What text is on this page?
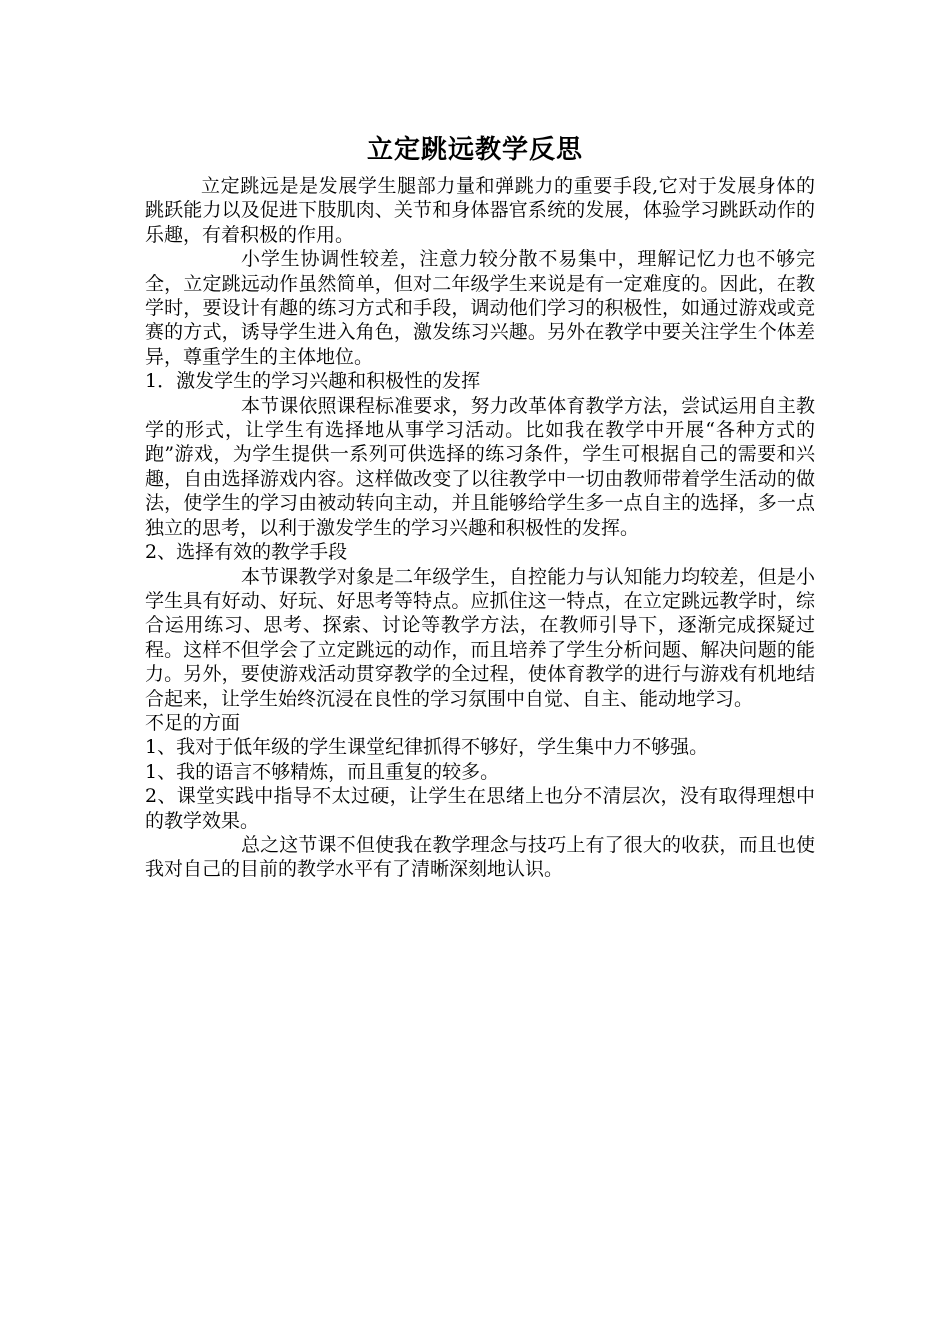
立定跳远教学反思

立定跳远是是发展学生腿部力量和弹跳力的重要手段,它对于发展身体的跳跃能力以及促进下肢肌肉、关节和身体器官系统的发展，体验学习跳跃动作的乐趣，有着积极的作用。

小学生协调性较差，注意力较分散不易集中，理解记忆力也不够完全，立定跳远动作虽然简单，但对二年级学生来说是有一定难度的。因此，在教学时，要设计有趣的练习方式和手段，调动他们学习的积极性，如通过游戏或竞赛的方式，诱导学生进入角色，激发练习兴趣。另外在教学中要关注学生个体差异，尊重学生的主体地位。

1．激发学生的学习兴趣和积极性的发挥

本节课依照课程标准要求，努力改革体育教学方法，尝试运用自主教学的形式，让学生有选择地从事学习活动。比如我在教学中开展“各种方式的跑”游戏，为学生提供一系列可供选择的练习条件，学生可根据自己的需要和兴趣，自由选择游戏内容。这样做改变了以往教学中一切由教师带着学生活动的做法，使学生的学习由被动转向主动，并且能够给学生多一点自主的选择，多一点独立的思考，以利于激发学生的学习兴趣和积极性的发挥。

2、选择有效的教学手段

本节课教学对象是二年级学生，自控能力与认知能力均较差，但是小学生具有好动、好玩、好思考等特点。应抓住这一特点，在立定跳远教学时，综合运用练习、思考、探索、讨论等教学方法，在教师引导下，逐渐完成探疑过程。这样不但学会了立定跳远的动作，而且培养了学生分析问题、解决问题的能力。另外，要使游戏活动贯穿教学的全过程，使体育教学的进行与游戏有机地结合起来，让学生始终沉浸在良性的学习氛围中自觉、自主、能动地学习。

不足的方面

1、我对于低年级的学生课堂纪律抓得不够好，学生集中力不够强。

1、我的语言不够精炼，而且重复的较多。

2、课堂实践中指导不太过硬，让学生在思绪上也分不清层次，没有取得理想中的教学效果。

总之这节课不但使我在教学理念与技巧上有了很大的收获，而且也使我对自己的目前的教学水平有了清晰深刻地认识。
